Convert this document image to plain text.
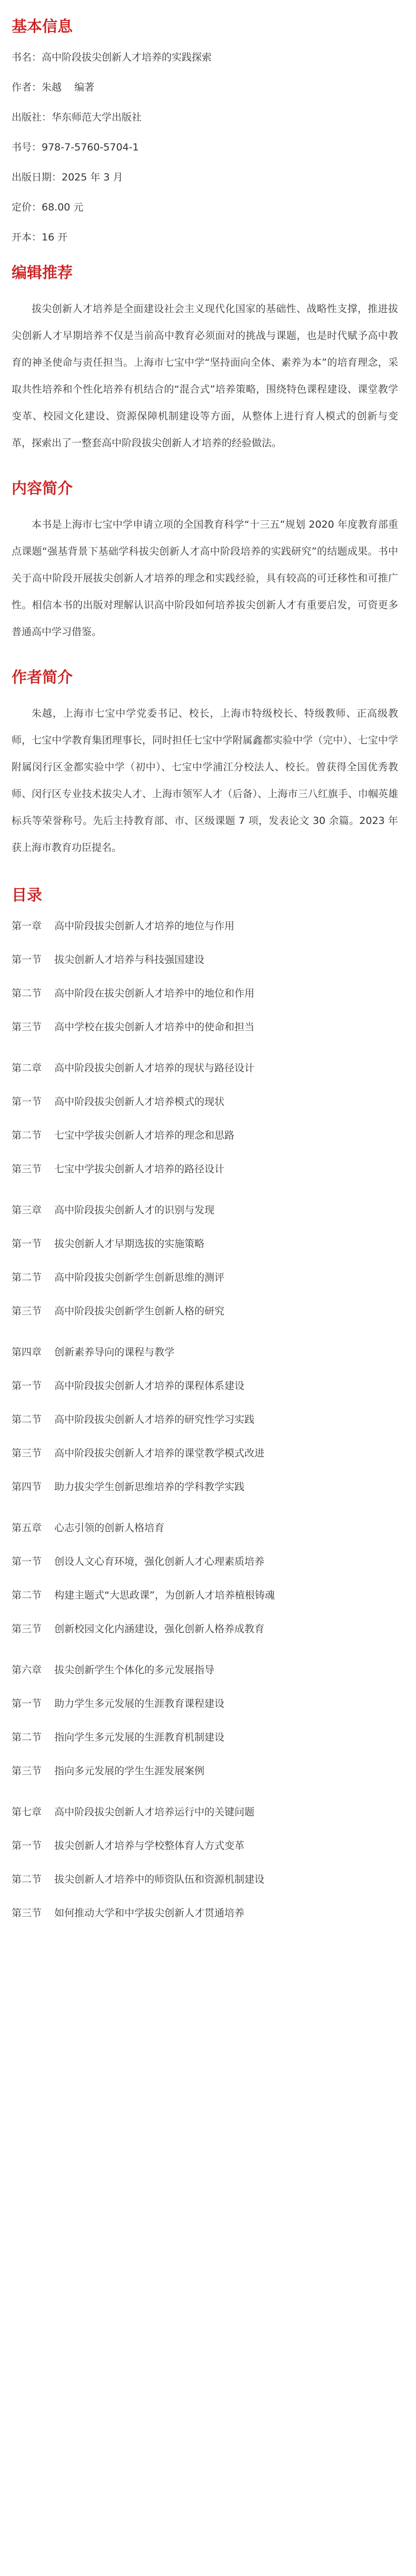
基本信息
书名：高中阶段拔尖创新人才培养的实践探索
作者：朱越    编著
出版社：华东师范大学出版社
书号：978-7-5760-5704-1
出版日期：2025 年 3 月
定价：68.00 元
开本：16 开
编辑推荐
拔尖创新人才培养是全面建设社会主义现代化国家的基础性、战略性支撑，推进拔尖创新人才早期培养不仅是当前高中教育必须面对的挑战与课题，也是时代赋予高中教育的神圣使命与责任担当。上海市七宝中学“坚持面向全体、素养为本”的培育理念，采取共性培养和个性化培养有机结合的“混合式”培养策略，围绕特色课程建设、课堂教学变革、校园文化建设、资源保障机制建设等方面，从整体上进行育人模式的创新与变革，探索出了一整套高中阶段拔尖创新人才培养的经验做法。
内容简介
本书是上海市七宝中学申请立项的全国教育科学“十三五”规划 2020 年度教育部重点课题“强基背景下基础学科拔尖创新人才高中阶段培养的实践研究”的结题成果。书中关于高中阶段开展拔尖创新人才培养的理念和实践经验，具有较高的可迁移性和可推广性。相信本书的出版对理解认识高中阶段如何培养拔尖创新人才有重要启发，可资更多普通高中学习借鉴。
作者简介
朱越，上海市七宝中学党委书记、校长，上海市特级校长、特级教师、正高级教师，七宝中学教育集团理事长，同时担任七宝中学附属鑫都实验中学（完中）、七宝中学附属闵行区金都实验中学（初中）、七宝中学浦江分校法人、校长。曾获得全国优秀教师、闵行区专业技术拔尖人才、上海市领军人才（后备）、上海市三八红旗手、巾帼英雄标兵等荣誉称号。先后主持教育部、市、区级课题 7 项，发表论文 30 余篇。2023 年获上海市教育功臣提名。
目录
第一章    高中阶段拔尖创新人才培养的地位与作用
第一节    拔尖创新人才培养与科技强国建设
第二节    高中阶段在拔尖创新人才培养中的地位和作用
第三节    高中学校在拔尖创新人才培养中的使命和担当
第二章    高中阶段拔尖创新人才培养的现状与路径设计
第一节    高中阶段拔尖创新人才培养模式的现状
第二节    七宝中学拔尖创新人才培养的理念和思路
第三节    七宝中学拔尖创新人才培养的路径设计
第三章    高中阶段拔尖创新人才的识别与发现
第一节    拔尖创新人才早期选拔的实施策略
第二节    高中阶段拔尖创新学生创新思维的测评
第三节    高中阶段拔尖创新学生创新人格的研究
第四章    创新素养导向的课程与教学
第一节    高中阶段拔尖创新人才培养的课程体系建设
第二节    高中阶段拔尖创新人才培养的研究性学习实践
第三节    高中阶段拔尖创新人才培养的课堂教学模式改进
第四节    助力拔尖学生创新思维培养的学科教学实践
第五章    心志引领的创新人格培育
第一节    创设人文心育环境，强化创新人才心理素质培养
第二节    构建主题式“大思政课”，为创新人才培养植根铸魂
第三节    创新校园文化内涵建设，强化创新人格养成教育
第六章    拔尖创新学生个体化的多元发展指导
第一节    助力学生多元发展的生涯教育课程建设
第二节    指向学生多元发展的生涯教育机制建设
第三节    指向多元发展的学生生涯发展案例
第七章    高中阶段拔尖创新人才培养运行中的关键问题
第一节    拔尖创新人才培养与学校整体育人方式变革
第二节    拔尖创新人才培养中的师资队伍和资源机制建设
第三节    如何推动大学和中学拔尖创新人才贯通培养
